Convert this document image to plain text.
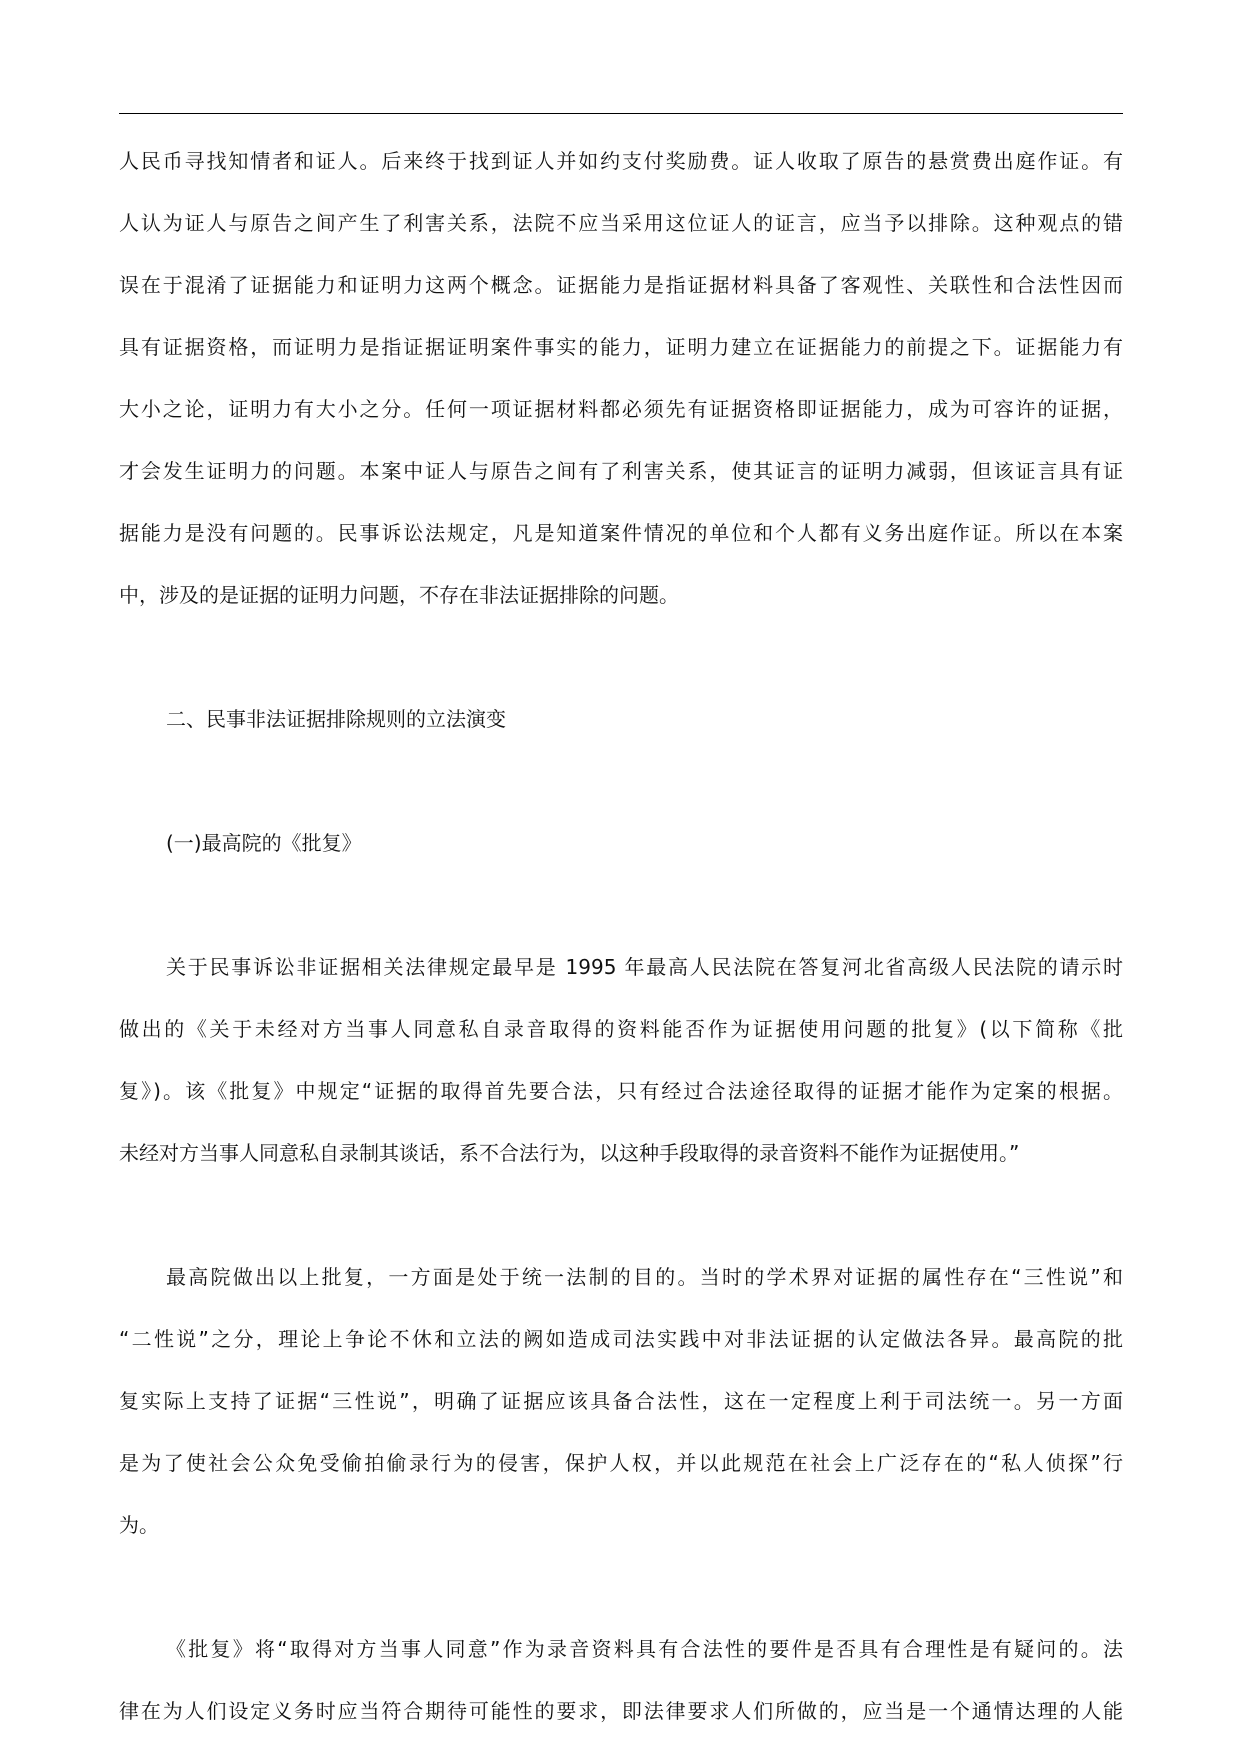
人民币寻找知情者和证人。后来终于找到证人并如约支付奖励费。证人收取了原告的悬赏费出庭作证。有
人认为证人与原告之间产生了利害关系，法院不应当采用这位证人的证言，应当予以排除。这种观点的错
误在于混淆了证据能力和证明力这两个概念。证据能力是指证据材料具备了客观性、关联性和合法性因而
具有证据资格，而证明力是指证据证明案件事实的能力，证明力建立在证据能力的前提之下。证据能力有
大小之论，证明力有大小之分。任何一项证据材料都必须先有证据资格即证据能力，成为可容许的证据，
才会发生证明力的问题。本案中证人与原告之间有了利害关系，使其证言的证明力减弱，但该证言具有证
据能力是没有问题的。民事诉讼法规定，凡是知道案件情况的单位和个人都有义务出庭作证。所以在本案
中，涉及的是证据的证明力问题，不存在非法证据排除的问题。
二、民事非法证据排除规则的立法演变
(一)最高院的《批复》
关于民事诉讼非证据相关法律规定最早是 1995 年最高人民法院在答复河北省高级人民法院的请示时
做出的《关于未经对方当事人同意私自录音取得的资料能否作为证据使用问题的批复》(以下简称《批
复》)。该《批复》中规定“证据的取得首先要合法，只有经过合法途径取得的证据才能作为定案的根据。
未经对方当事人同意私自录制其谈话，系不合法行为，以这种手段取得的录音资料不能作为证据使用。”
最高院做出以上批复，一方面是处于统一法制的目的。当时的学术界对证据的属性存在“三性说”和
“二性说”之分，理论上争论不休和立法的阙如造成司法实践中对非法证据的认定做法各异。最高院的批
复实际上支持了证据“三性说”，明确了证据应该具备合法性，这在一定程度上利于司法统一。另一方面
是为了使社会公众免受偷拍偷录行为的侵害，保护人权，并以此规范在社会上广泛存在的“私人侦探”行
为。
《批复》将“取得对方当事人同意”作为录音资料具有合法性的要件是否具有合理性是有疑问的。法
律在为人们设定义务时应当符合期待可能性的要求，即法律要求人们所做的，应当是一个通情达理的人能
